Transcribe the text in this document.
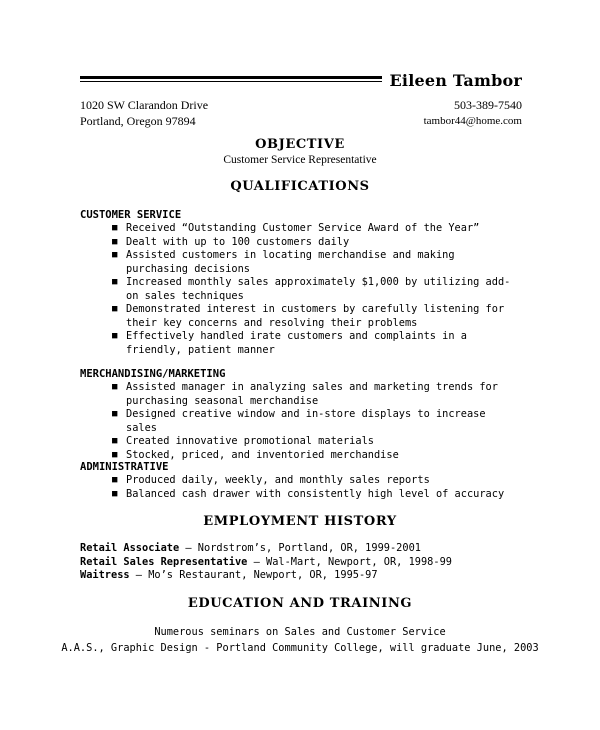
Eileen Tambor
1020 SW Clarandon Drive
Portland, Oregon 97894
503-389-7540
tambor44@home.com
OBJECTIVE
Customer Service Representative
QUALIFICATIONS
CUSTOMER SERVICE
■ Received “Outstanding Customer Service Award of the Year”
■ Dealt with up to 100 customers daily
■ Assisted customers in locating merchandise and making purchasing decisions
■ Increased monthly sales approximately $1,000 by utilizing add-on sales techniques
■ Demonstrated interest in customers by carefully listening for their key concerns and resolving their problems
■ Effectively handled irate customers and complaints in a friendly, patient manner
MERCHANDISING/MARKETING
■ Assisted manager in analyzing sales and marketing trends for purchasing seasonal merchandise
■ Designed creative window and in-store displays to increase sales
■ Created innovative promotional materials
■ Stocked, priced, and inventoried merchandise
ADMINISTRATIVE
■ Produced daily, weekly, and monthly sales reports
■ Balanced cash drawer with consistently high level of accuracy
EMPLOYMENT HISTORY
Retail Associate – Nordstrom’s, Portland, OR, 1999-2001
Retail Sales Representative – Wal-Mart, Newport, OR, 1998-99
Waitress – Mo’s Restaurant, Newport, OR, 1995-97
EDUCATION AND TRAINING
Numerous seminars on Sales and Customer Service
A.A.S., Graphic Design - Portland Community College, will graduate June, 2003
